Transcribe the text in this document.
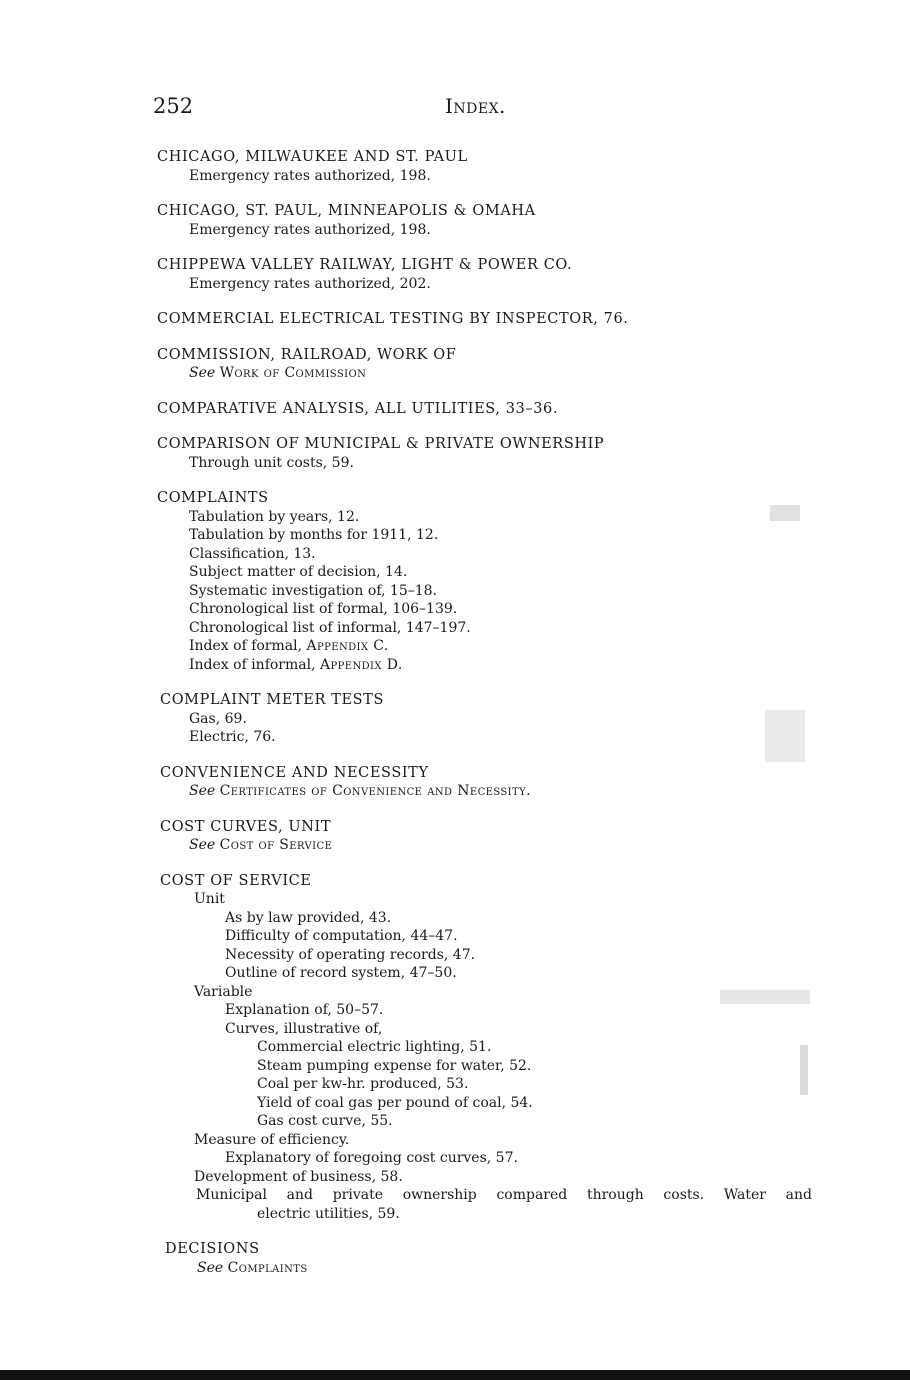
252	Index.
CHICAGO, MILWAUKEE AND ST. PAUL
Emergency rates authorized, 198.
CHICAGO, ST. PAUL, MINNEAPOLIS & OMAHA
Emergency rates authorized, 198.
CHIPPEWA VALLEY RAILWAY, LIGHT & POWER CO.
Emergency rates authorized, 202.
COMMERCIAL ELECTRICAL TESTING BY INSPECTOR, 76.
COMMISSION, RAILROAD, WORK OF
See Work of Commission
COMPARATIVE ANALYSIS, ALL UTILITIES, 33–36.
COMPARISON OF MUNICIPAL & PRIVATE OWNERSHIP
Through unit costs, 59.
COMPLAINTS
Tabulation by years, 12.
Tabulation by months for 1911, 12.
Classification, 13.
Subject matter of decision, 14.
Systematic investigation of, 15–18.
Chronological list of formal, 106–139.
Chronological list of informal, 147–197.
Index of formal, Appendix C.
Index of informal, Appendix D.
COMPLAINT METER TESTS
Gas, 69.
Electric, 76.
CONVENIENCE AND NECESSITY
See Certificates of Convenience and Necessity.
COST CURVES, UNIT
See Cost of Service
COST OF SERVICE
Unit
As by law provided, 43.
Difficulty of computation, 44–47.
Necessity of operating records, 47.
Outline of record system, 47–50.
Variable
Explanation of, 50–57.
Curves, illustrative of,
Commercial electric lighting, 51.
Steam pumping expense for water, 52.
Coal per kw-hr. produced, 53.
Yield of coal gas per pound of coal, 54.
Gas cost curve, 55.
Measure of efficiency.
Explanatory of foregoing cost curves, 57.
Development of business, 58.
Municipal and private ownership compared through costs. Water and
electric utilities, 59.
DECISIONS
See Complaints
